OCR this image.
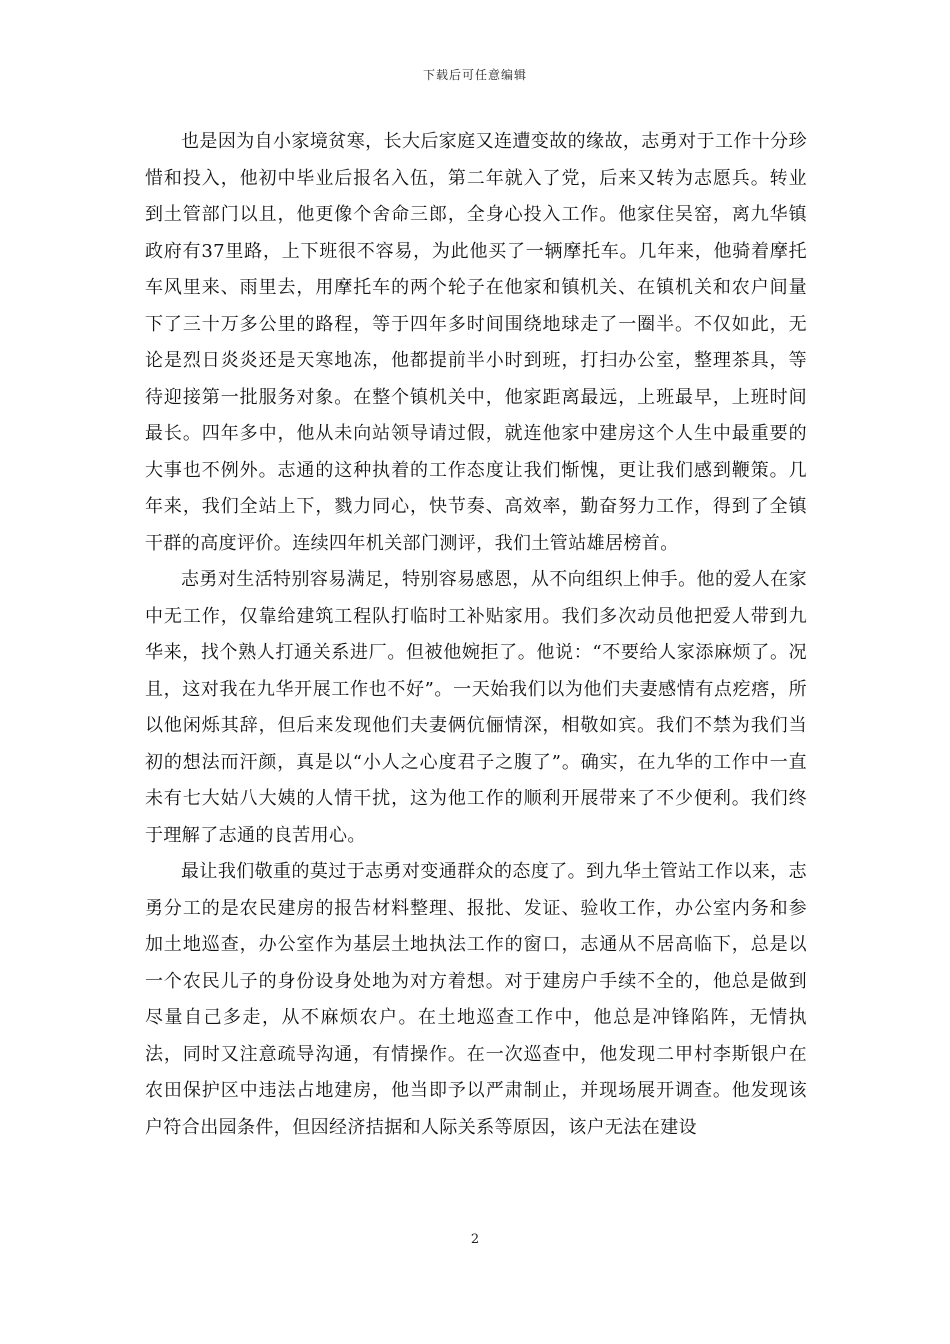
下载后可任意编辑

也是因为自小家境贫寒，长大后家庭又连遭变故的缘故，志勇对于工作十分珍惜和投入，他初中毕业后报名入伍，第二年就入了党，后来又转为志愿兵。转业到土管部门以且，他更像个舍命三郎，全身心投入工作。他家住吴窑，离九华镇政府有37里路，上下班很不容易，为此他买了一辆摩托车。几年来，他骑着摩托车风里来、雨里去，用摩托车的两个轮子在他家和镇机关、在镇机关和农户间量下了三十万多公里的路程，等于四年多时间围绕地球走了一圈半。不仅如此，无论是烈日炎炎还是天寒地冻，他都提前半小时到班，打扫办公室，整理茶具，等待迎接第一批服务对象。在整个镇机关中，他家距离最远，上班最早，上班时间最长。四年多中，他从未向站领导请过假，就连他家中建房这个人生中最重要的大事也不例外。志通的这种执着的工作态度让我们惭愧，更让我们感到鞭策。几年来，我们全站上下，戮力同心，快节奏、高效率，勤奋努力工作，得到了全镇干群的高度评价。连续四年机关部门测评，我们土管站雄居榜首。

志勇对生活特别容易满足，特别容易感恩，从不向组织上伸手。他的爱人在家中无工作，仅靠给建筑工程队打临时工补贴家用。我们多次动员他把爱人带到九华来，找个熟人打通关系进厂。但被他婉拒了。他说：“不要给人家添麻烦了。况且，这对我在九华开展工作也不好”。一天始我们以为他们夫妻感情有点疙瘩，所以他闲烁其辞，但后来发现他们夫妻俩伉俪情深，相敬如宾。我们不禁为我们当初的想法而汗颜，真是以“小人之心度君子之腹了”。确实，在九华的工作中一直未有七大姑八大姨的人情干扰，这为他工作的顺利开展带来了不少便利。我们终于理解了志通的良苦用心。

最让我们敬重的莫过于志勇对变通群众的态度了。到九华土管站工作以来，志勇分工的是农民建房的报告材料整理、报批、发证、验收工作，办公室内务和参加土地巡查，办公室作为基层土地执法工作的窗口，志通从不居高临下，总是以一个农民儿子的身份设身处地为对方着想。对于建房户手续不全的，他总是做到尽量自己多走，从不麻烦农户。在土地巡查工作中，他总是冲锋陷阵，无情执法，同时又注意疏导沟通，有情操作。在一次巡查中，他发现二甲村李斯银户在农田保护区中违法占地建房，他当即予以严肃制止，并现场展开调查。他发现该户符合出园条件，但因经济拮据和人际关系等原因，该户无法在建设

2
